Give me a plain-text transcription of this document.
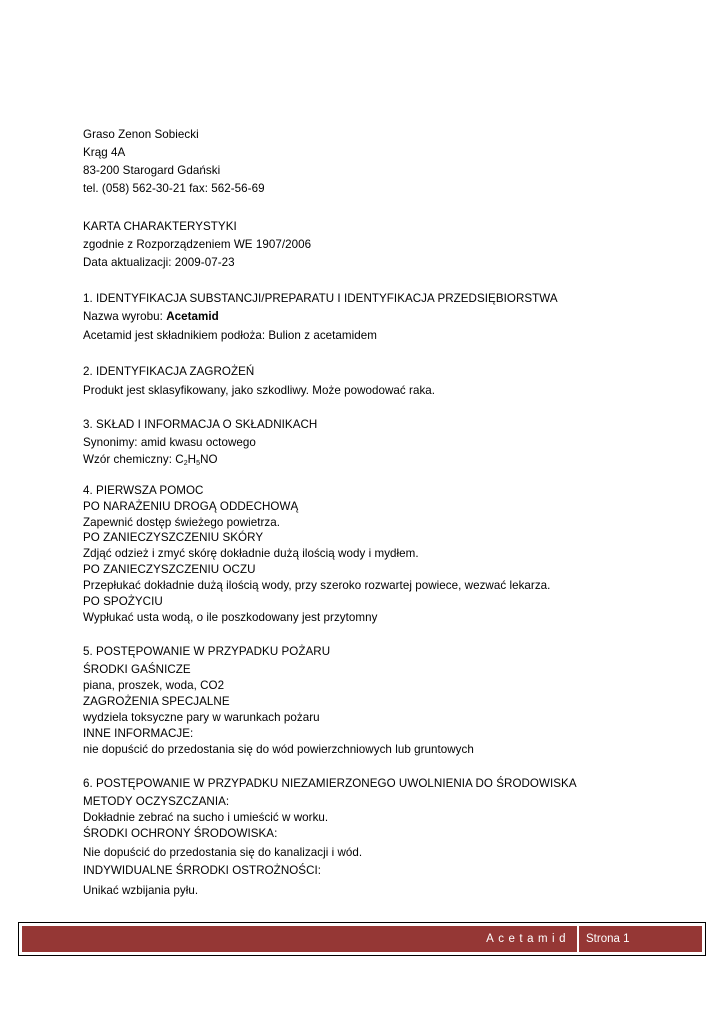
Graso Zenon Sobiecki
Krąg 4A
83-200 Starogard Gdański
tel. (058) 562-30-21 fax: 562-56-69
KARTA CHARAKTERYSTYKI
zgodnie z Rozporządzeniem WE 1907/2006
Data aktualizacji: 2009-07-23
1. IDENTYFIKACJA SUBSTANCJI/PREPARATU I IDENTYFIKACJA PRZEDSIĘBIORSTWA
Nazwa wyrobu: Acetamid
Acetamid jest składnikiem podłoża: Bulion z acetamidem
2. IDENTYFIKACJA ZAGROŻEŃ
Produkt jest sklasyfikowany, jako szkodliwy. Może powodować raka.
3. SKŁAD I INFORMACJA O SKŁADNIKACH
Synonimy: amid kwasu octowego
Wzór chemiczny: $C_2H_5NO$
4. PIERWSZA POMOC
PO NARAŻENIU DROGĄ ODDECHOWĄ
Zapewnić dostęp świeżego powietrza.
PO ZANIECZYSZCZENIU SKÓRY
Zdjąć odzież i zmyć skórę dokładnie dużą ilością wody i mydłem.
PO ZANIECZYSZCZENIU OCZU
Przepłukać dokładnie dużą ilością wody, przy szeroko rozwartej powiece, wezwać lekarza.
PO SPOŻYCIU
Wypłukać usta wodą, o ile poszkodowany jest przytomny
5. POSTĘPOWANIE W PRZYPADKU POŻARU
ŚRODKI GAŚNICZE
piana, proszek, woda, CO2
ZAGROŻENIA SPECJALNE
wydziela toksyczne pary w warunkach pożaru
INNE INFORMACJE:
nie dopuścić do przedostania się do wód powierzchniowych lub gruntowych
6. POSTĘPOWANIE W PRZYPADKU NIEZAMIERZONEGO UWOLNIENIA DO ŚRODOWISKA
METODY OCZYSZCZANIA:
Dokładnie zebrać na sucho i umieścić w worku.
ŚRODKI OCHRONY ŚRODOWISKA:
Nie dopuścić do przedostania się do kanalizacji i wód.
INDYWIDUALNE ŚRRODKI OSTROŻNOŚCI:
Unikać wzbijania pyłu.
Acetamid Strona 1
